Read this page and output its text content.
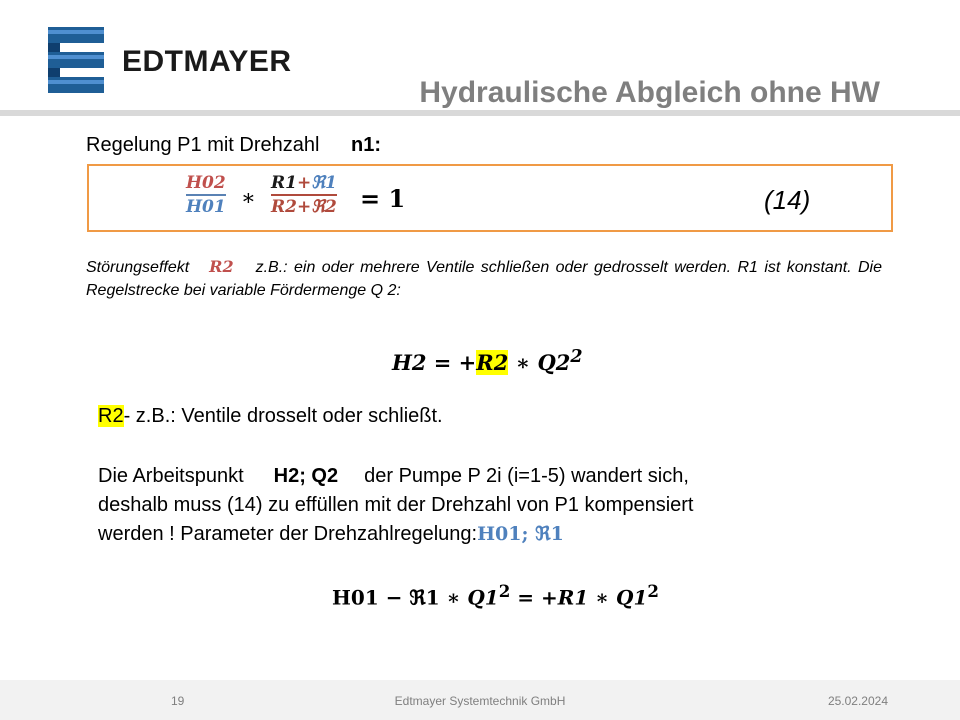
EDTMAYER
Hydraulische Abgleich ohne HW
Regelung P1 mit Drehzahl n1:
H02
H01 ∗
R1+ℜ1
R2+ℜ2 = 1	(14)
Störungseffekt R2 z.B.: ein oder mehrere Ventile schließen oder gedrosselt werden. R1 ist konstant. Die Regelstrecke bei variable Fördermenge Q 2:
H2 = +R2 ∗ $Q2^2$
R2- z.B.: Ventile drosselt oder schließt.
Die Arbeitspunkt H2; Q2 der Pumpe P 2i (i=1-5) wandert sich,
deshalb muss (14) zu effüllen mit der Drehzahl von P1 kompensiert
werden ! Parameter der Drehzahlregelung:H01; ℜ1
H01 − ℜ1 ∗ $Q1^2 = +R1$ ∗ $Q1^2$
19	Edtmayer Systemtechnik GmbH	25.02.2024
